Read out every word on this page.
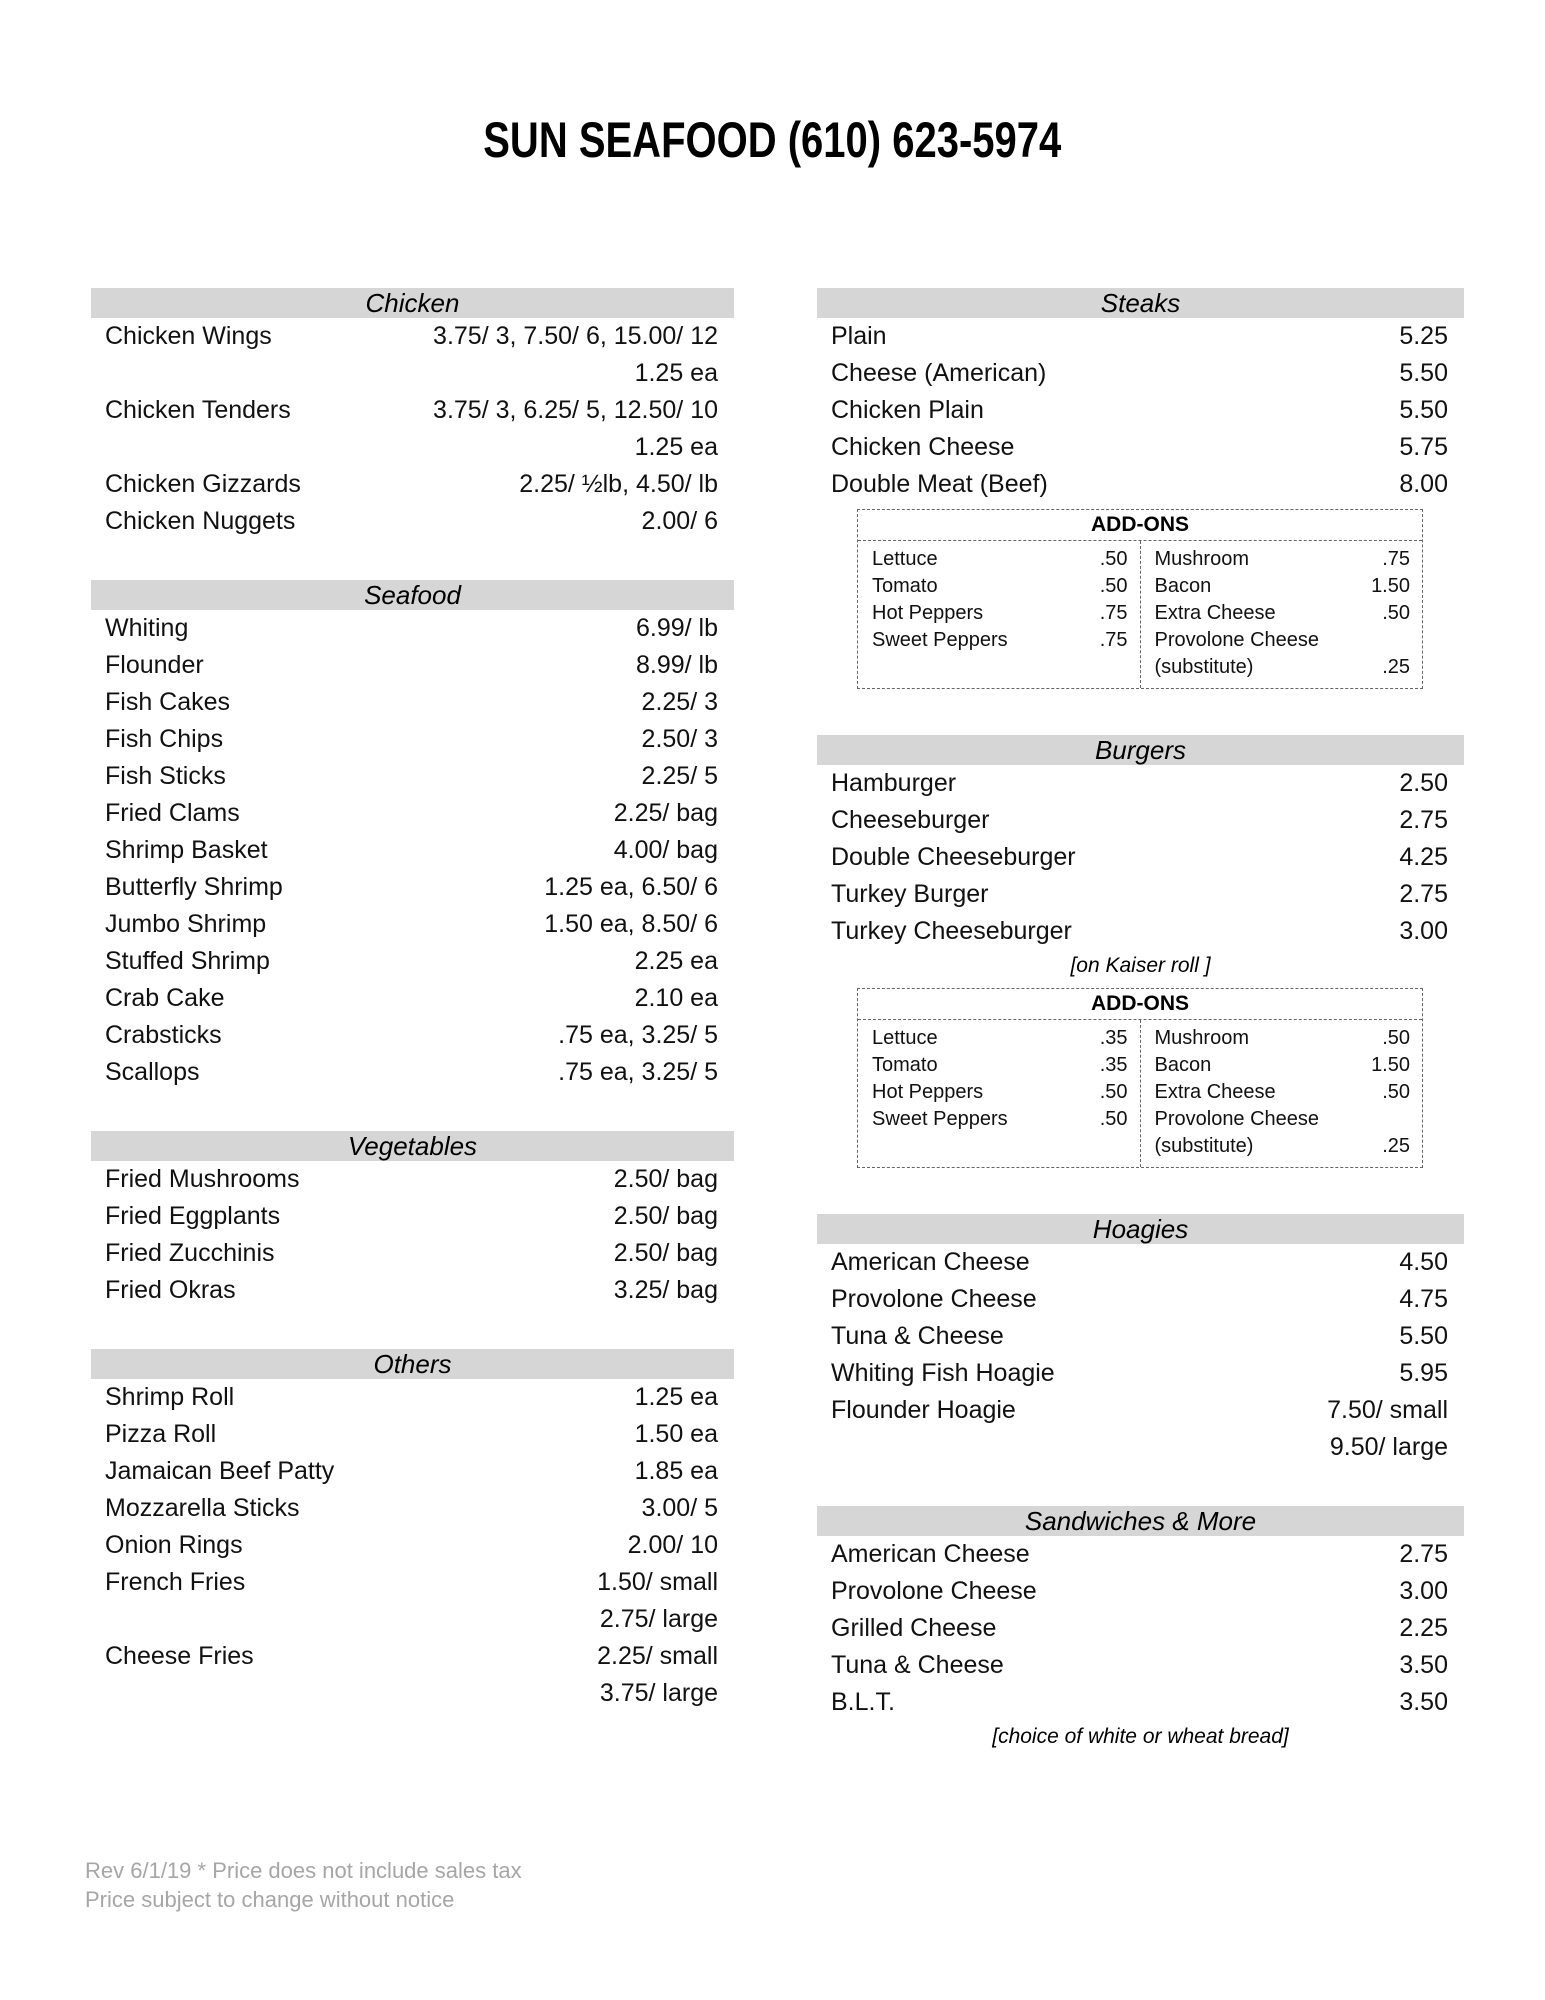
SUN SEAFOOD (610) 623-5974
Chicken
Chicken Wings	3.75/ 3, 7.50/ 6, 15.00/ 12
1.25 ea
Chicken Tenders	3.75/ 3, 6.25/ 5, 12.50/ 10
1.25 ea
Chicken Gizzards	2.25/ ½lb, 4.50/ lb
Chicken Nuggets	2.00/ 6
Seafood
Whiting	6.99/ lb
Flounder	8.99/ lb
Fish Cakes	2.25/ 3
Fish Chips	2.50/ 3
Fish Sticks	2.25/ 5
Fried Clams	2.25/ bag
Shrimp Basket	4.00/ bag
Butterfly Shrimp	1.25 ea, 6.50/ 6
Jumbo Shrimp	1.50 ea, 8.50/ 6
Stuffed Shrimp	2.25 ea
Crab Cake	2.10 ea
Crabsticks	.75 ea, 3.25/ 5
Scallops	.75 ea, 3.25/ 5
Vegetables
Fried Mushrooms	2.50/ bag
Fried Eggplants	2.50/ bag
Fried Zucchinis	2.50/ bag
Fried Okras	3.25/ bag
Others
Shrimp Roll	1.25 ea
Pizza Roll	1.50 ea
Jamaican Beef Patty	1.85 ea
Mozzarella Sticks	3.00/ 5
Onion Rings	2.00/ 10
French Fries	1.50/ small
2.75/ large
Cheese Fries	2.25/ small
3.75/ large
Steaks
Plain	5.25
Cheese (American)	5.50
Chicken Plain	5.50
Chicken Cheese	5.75
Double Meat (Beef)	8.00
ADD-ONS
Lettuce	.50
Tomato	.50
Hot Peppers	.75
Sweet Peppers	.75
Mushroom	.75
Bacon	1.50
Extra Cheese	.50
Provolone Cheese
(substitute)	.25
Burgers
Hamburger	2.50
Cheeseburger	2.75
Double Cheeseburger	4.25
Turkey Burger	2.75
Turkey Cheeseburger	3.00
[on Kaiser roll ]
ADD-ONS
Lettuce	.35
Tomato	.35
Hot Peppers	.50
Sweet Peppers	.50
Mushroom	.50
Bacon	1.50
Extra Cheese	.50
Provolone Cheese
(substitute)	.25
Hoagies
American Cheese	4.50
Provolone Cheese	4.75
Tuna & Cheese	5.50
Whiting Fish Hoagie	5.95
Flounder Hoagie	7.50/ small
9.50/ large
Sandwiches & More
American Cheese	2.75
Provolone Cheese	3.00
Grilled Cheese	2.25
Tuna & Cheese	3.50
B.L.T.	3.50
[choice of white or wheat bread]
Rev 6/1/19 * Price does not include sales tax
Price subject to change without notice
